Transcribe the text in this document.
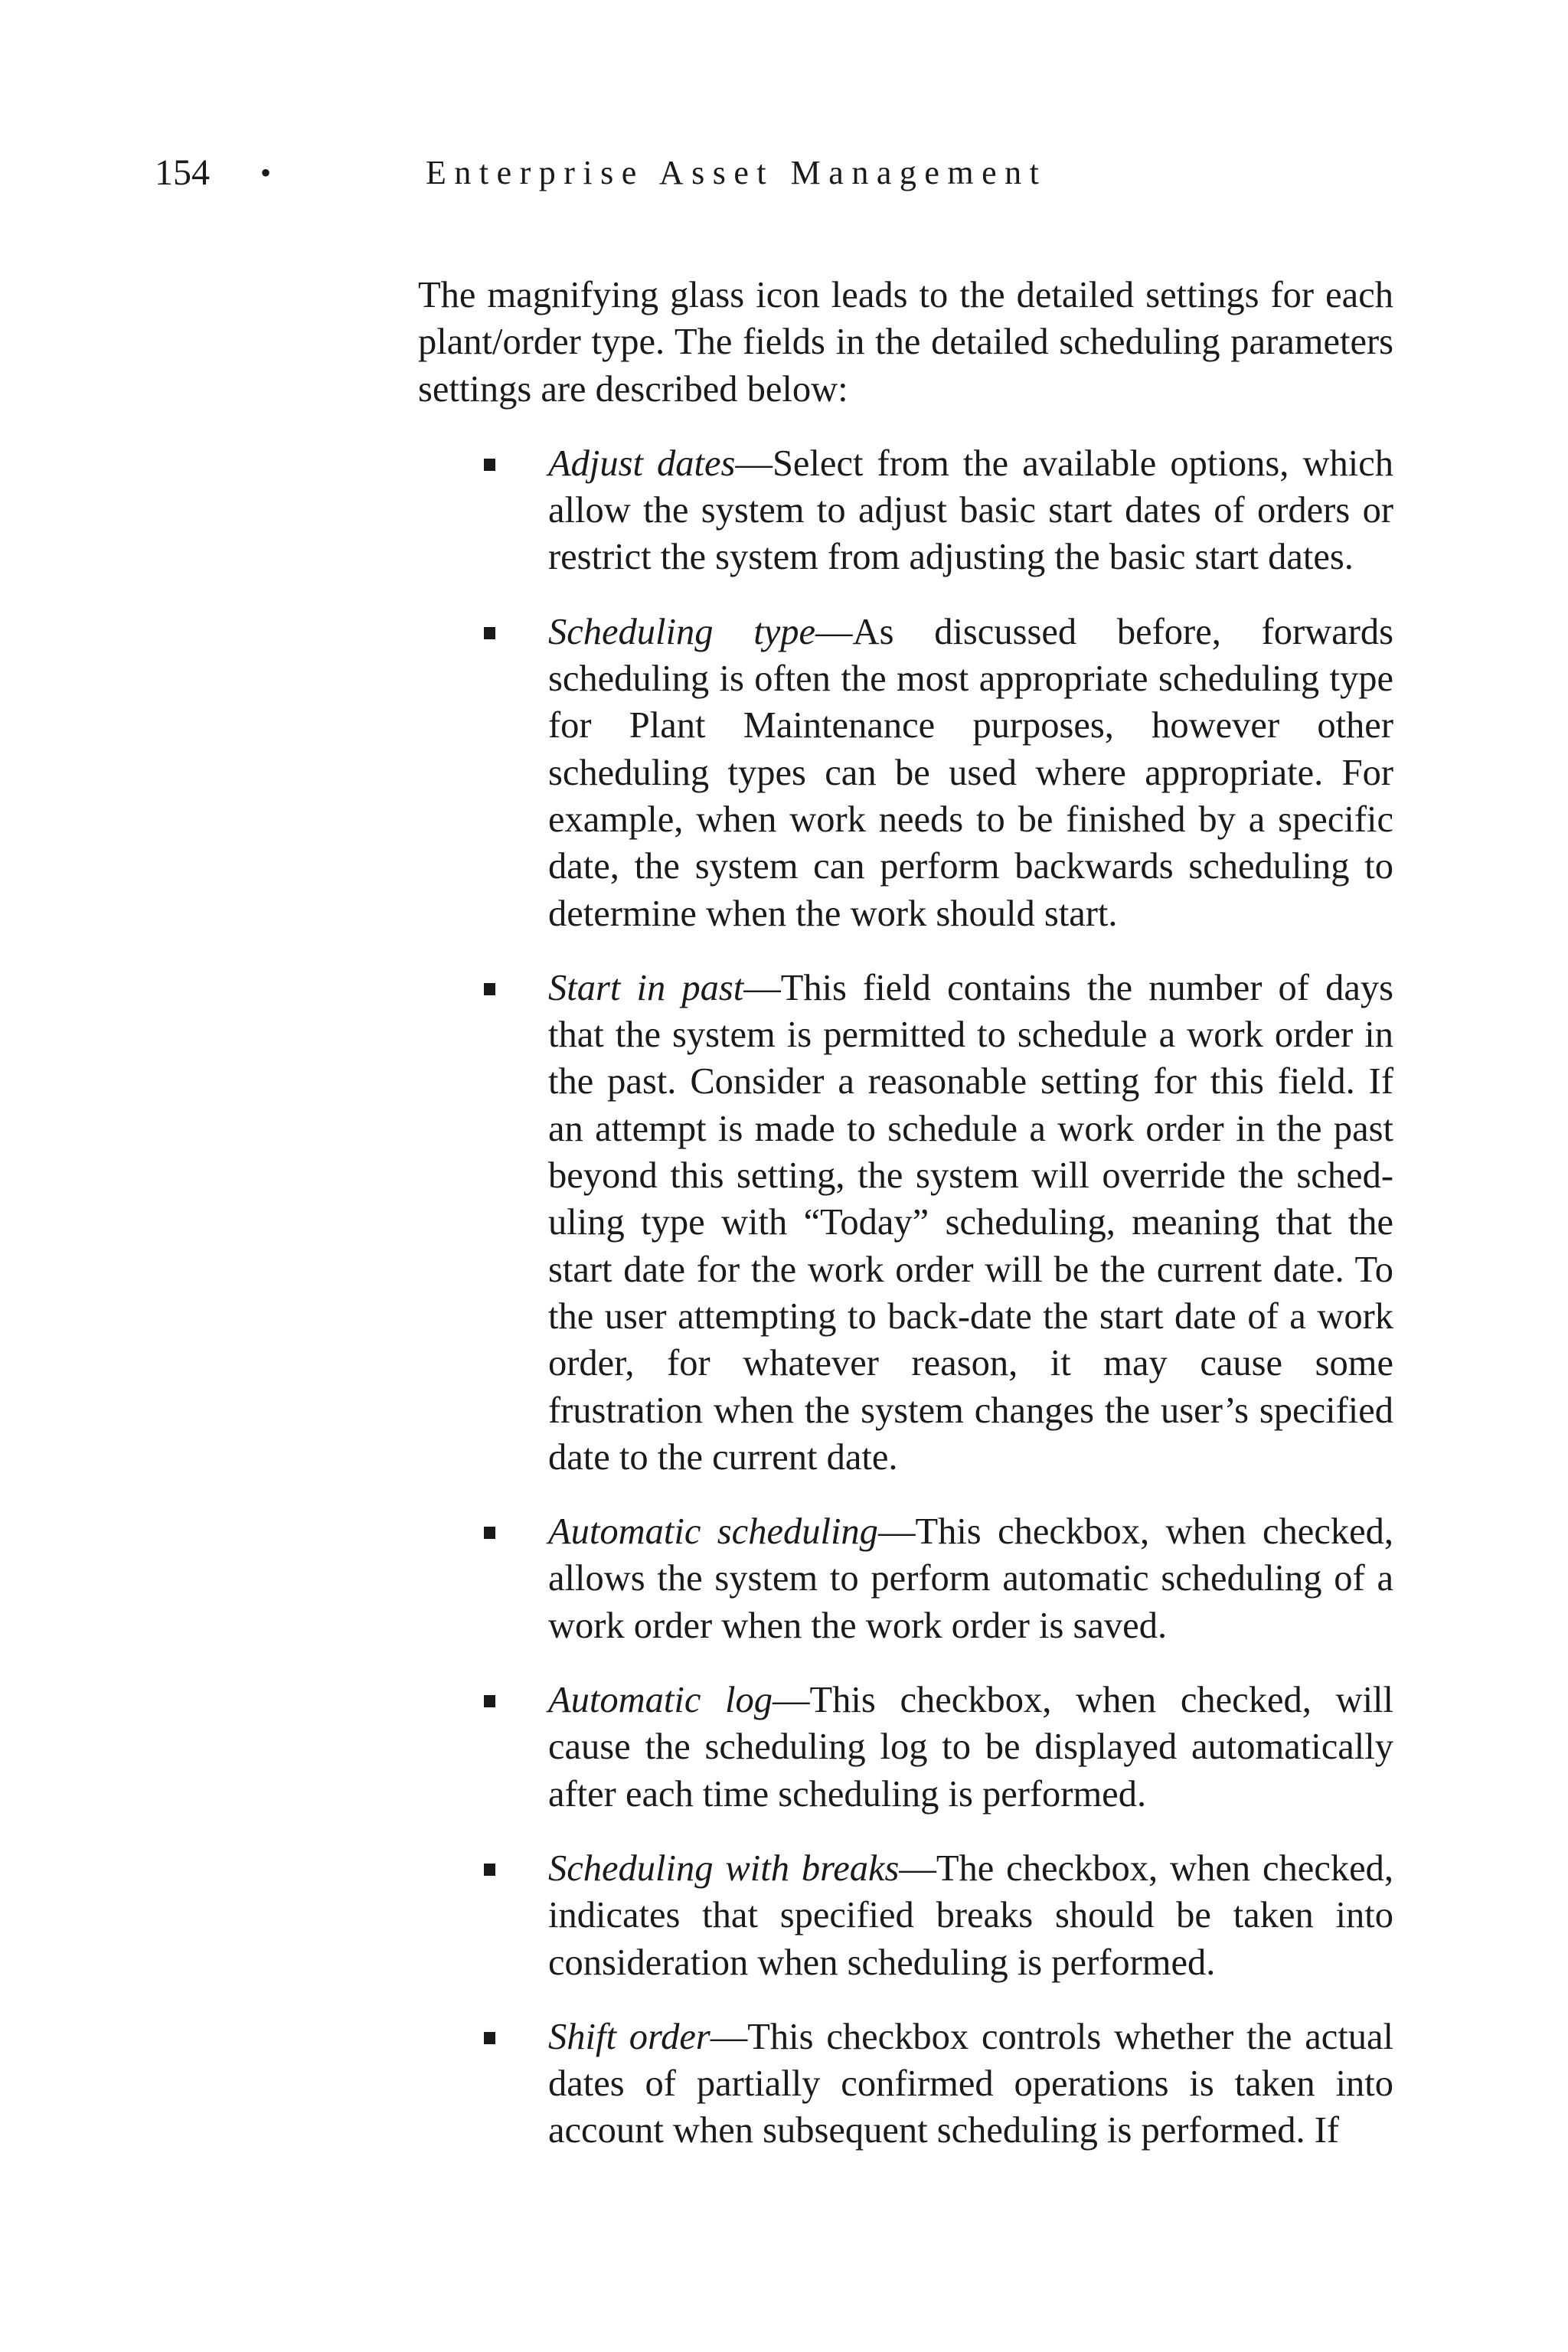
154 •	Enterprise Asset Management

The magnifying glass icon leads to the detailed settings for each plant/order type. The fields in the detailed scheduling parameters settings are described below:

Adjust dates—Select from the available options, which allow the system to adjust basic start dates of orders or restrict the system from adjusting the basic start dates.
Scheduling type—As discussed before, forwards scheduling is often the most appropriate scheduling type for Plant Maintenance purposes, however other scheduling types can be used where appropriate. For example, when work needs to be finished by a specific date, the system can perform backwards scheduling to determine when the work should start.
Start in past—This field contains the number of days that the system is permitted to schedule a work order in the past. Consider a reasonable setting for this field. If an attempt is made to schedule a work order in the past beyond this setting, the system will override the scheduling type with “Today” scheduling, meaning that the start date for the work order will be the current date. To the user attempting to back-date the start date of a work order, for whatever reason, it may cause some frustration when the system changes the user’s specified date to the current date.
Automatic scheduling—This checkbox, when checked, allows the system to perform automatic scheduling of a work order when the work order is saved.
Automatic log—This checkbox, when checked, will cause the scheduling log to be displayed automatically after each time scheduling is performed.
Scheduling with breaks—The checkbox, when checked, indicates that specified breaks should be taken into consideration when scheduling is performed.
Shift order—This checkbox controls whether the actual dates of partially confirmed operations is taken into account when subsequent scheduling is performed. If
